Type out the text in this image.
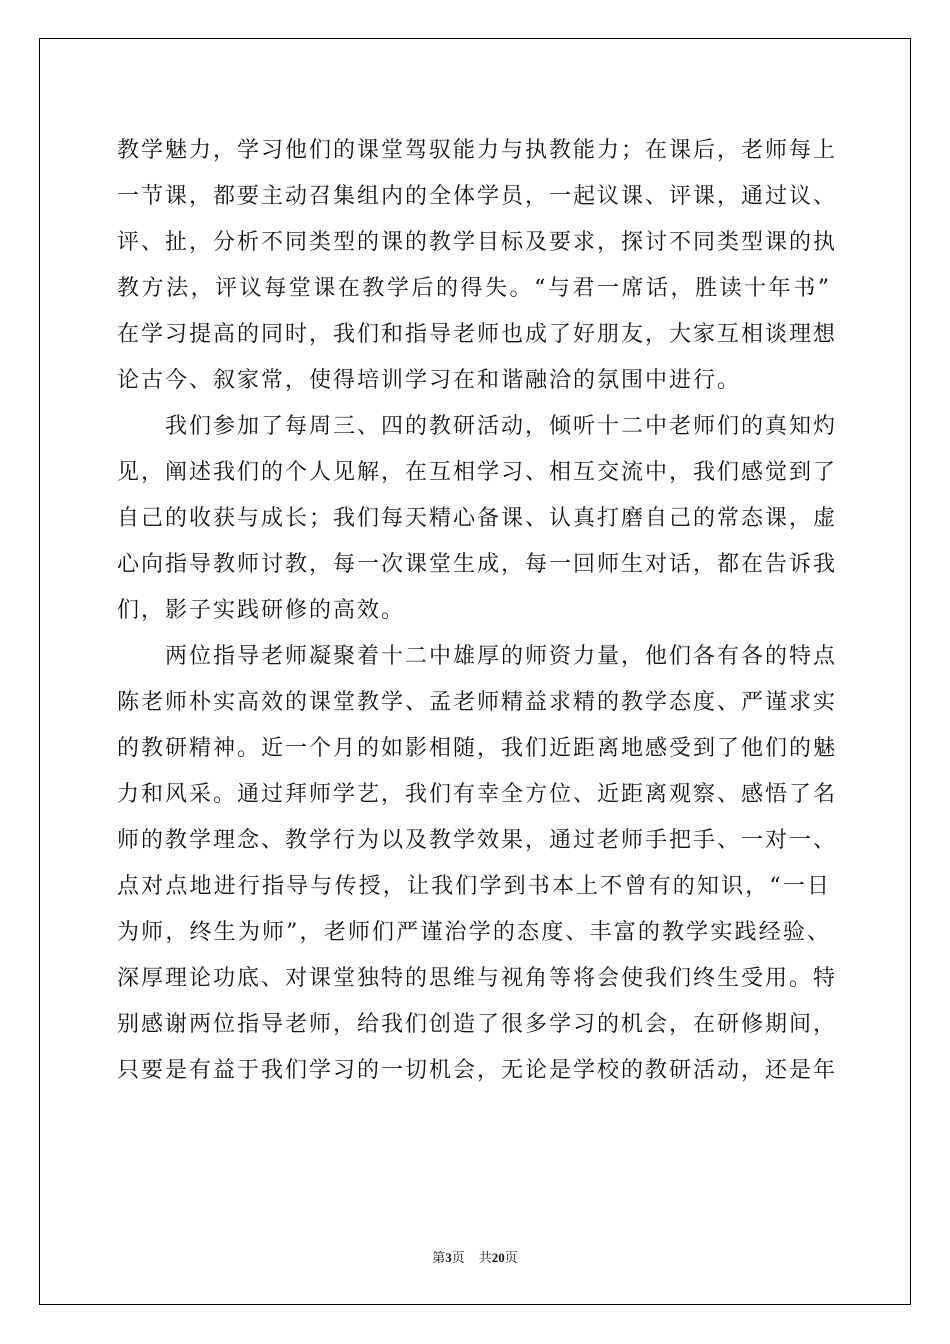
教学魅力，学习他们的课堂驾驭能力与执教能力；在课后，老师每上
一节课，都要主动召集组内的全体学员，一起议课、评课，通过议、
评、扯，分析不同类型的课的教学目标及要求，探讨不同类型课的执
教方法，评议每堂课在教学后的得失。“与君一席话，胜读十年书”
在学习提高的同时，我们和指导老师也成了好朋友，大家互相谈理想
论古今、叙家常，使得培训学习在和谐融洽的氛围中进行。
　　我们参加了每周三、四的教研活动，倾听十二中老师们的真知灼
见，阐述我们的个人见解，在互相学习、相互交流中，我们感觉到了
自己的收获与成长；我们每天精心备课、认真打磨自己的常态课，虚
心向指导教师讨教，每一次课堂生成，每一回师生对话，都在告诉我
们，影子实践研修的高效。
　　两位指导老师凝聚着十二中雄厚的师资力量，他们各有各的特点
陈老师朴实高效的课堂教学、孟老师精益求精的教学态度、严谨求实
的教研精神。近一个月的如影相随，我们近距离地感受到了他们的魅
力和风采。通过拜师学艺，我们有幸全方位、近距离观察、感悟了名
师的教学理念、教学行为以及教学效果，通过老师手把手、一对一、
点对点地进行指导与传授，让我们学到书本上不曾有的知识，“一日
为师，终生为师”，老师们严谨治学的态度、丰富的教学实践经验、
深厚理论功底、对课堂独特的思维与视角等将会使我们终生受用。特
别感谢两位指导老师，给我们创造了很多学习的机会，在研修期间，
只要是有益于我们学习的一切机会，无论是学校的教研活动，还是年
第3页 共20页
